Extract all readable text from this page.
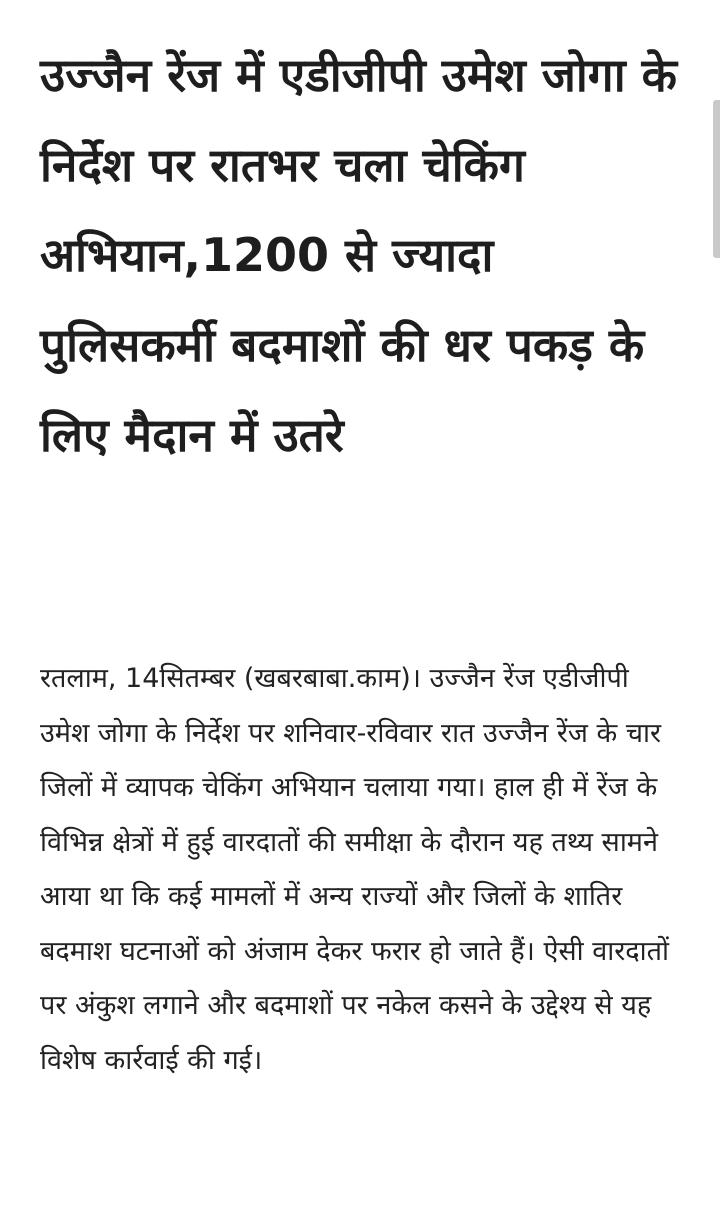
उज्जैन रेंज में एडीजीपी उमेश जोगा के निर्देश पर रातभर चला चेकिंग अभियान,1200 से ज्यादा पुलिसकर्मी बदमाशों की धर पकड़ के लिए मैदान में उतरे

रतलाम, 14सितम्बर (खबरबाबा.काम)। उज्जैन रेंज एडीजीपी उमेश जोगा के निर्देश पर शनिवार-रविवार रात उज्जैन रेंज के चार जिलों में व्यापक चेकिंग अभियान चलाया गया। हाल ही में रेंज के विभिन्न क्षेत्रों में हुई वारदातों की समीक्षा के दौरान यह तथ्य सामने आया था कि कई मामलों में अन्य राज्यों और जिलों के शातिर बदमाश घटनाओं को अंजाम देकर फरार हो जाते हैं। ऐसी वारदातों पर अंकुश लगाने और बदमाशों पर नकेल कसने के उद्देश्य से यह विशेष कार्रवाई की गई।
